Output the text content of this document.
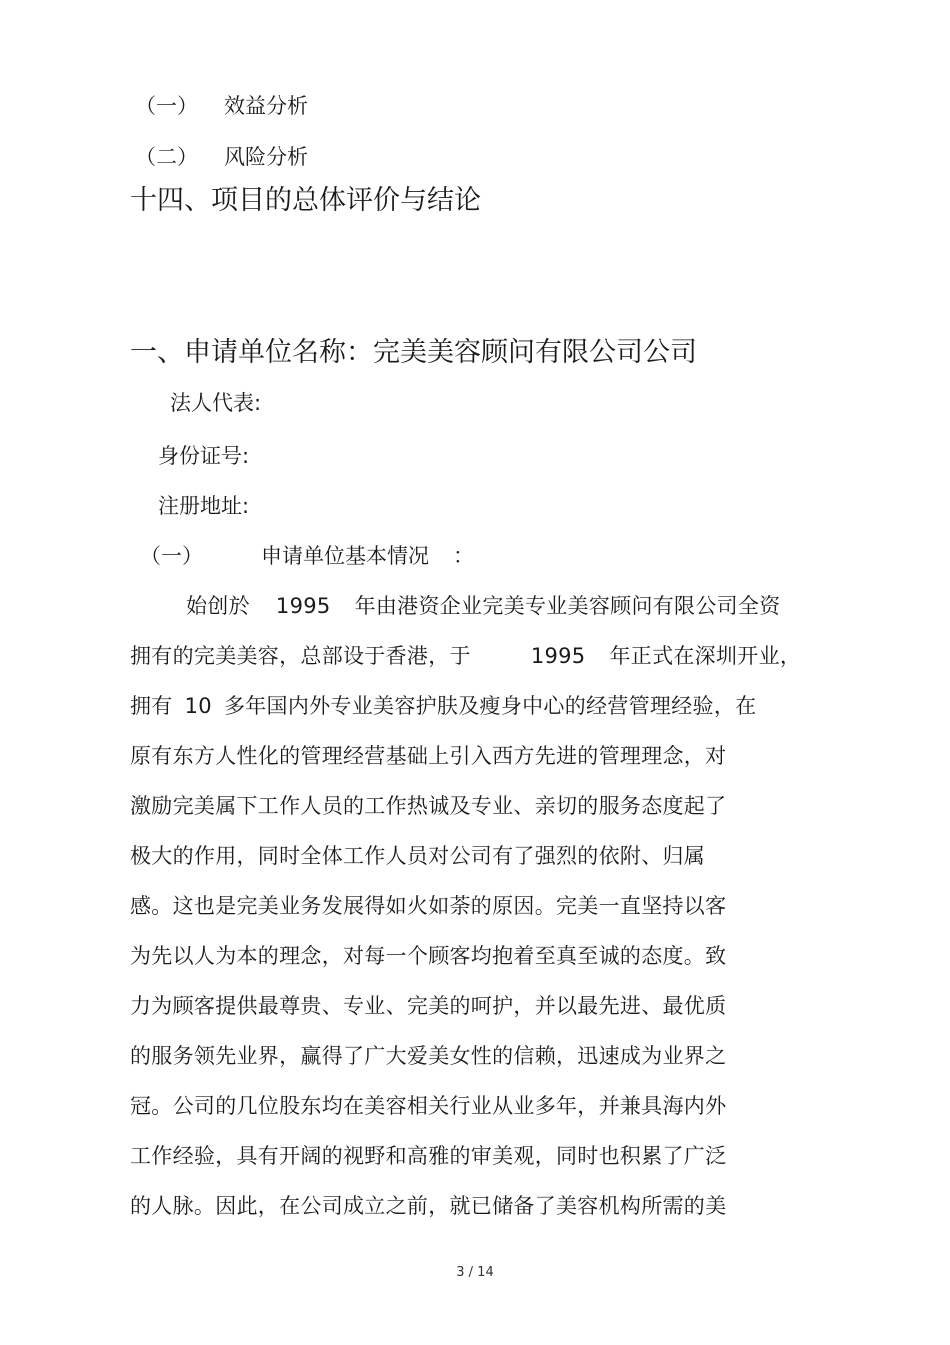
（一） 效益分析
（二） 风险分析
十四、项目的总体评价与结论
一、申请单位名称：完美美容顾问有限公司公司
法人代表:
身份证号:
注册地址:
（一）	申请单位基本情况 ：
始创於 1995 年由港资企业完美专业美容顾问有限公司全资
拥有的完美美容，总部设于香港，于	1995 年正式在深圳开业，
拥有 10 多年国内外专业美容护肤及瘦身中心的经营管理经验，在
原有东方人性化的管理经营基础上引入西方先进的管理理念，对
激励完美属下工作人员的工作热诚及专业、亲切的服务态度起了
极大的作用，同时全体工作人员对公司有了强烈的依附、归属
感。这也是完美业务发展得如火如荼的原因。完美一直坚持以客
为先以人为本的理念，对每一个顾客均抱着至真至诚的态度。致
力为顾客提供最尊贵、专业、完美的呵护，并以最先进、最优质
的服务领先业界，赢得了广大爱美女性的信赖，迅速成为业界之
冠。公司的几位股东均在美容相关行业从业多年，并兼具海内外
工作经验，具有开阔的视野和高雅的审美观，同时也积累了广泛
的人脉。因此，在公司成立之前，就已储备了美容机构所需的美
3 / 14
